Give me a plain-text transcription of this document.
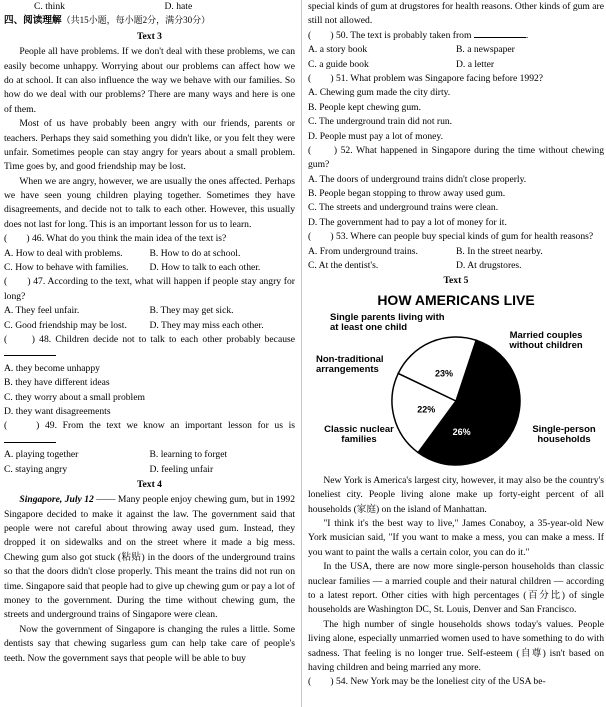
C. think	D. hate

四、阅读理解（共15小题，每小题2分，满分30分）

Text 3

People all have problems. If we don't deal with these problems, we can easily become unhappy. Worrying about our problems can affect how we do at school. It can also influence the way we behave with our families. So how do we deal with our problems? There are many ways and here is one of them.

Most of us have probably been angry with our friends, parents or teachers. Perhaps they said something you didn't like, or you felt they were unfair. Sometimes people can stay angry for years about a small problem. Time goes by, and good friendship may be lost.

When we are angry, however, we are usually the ones affected. Perhaps we have seen young children playing together. Sometimes they have disagreements, and decide not to talk to each other. However, this usually does not last for long. This is an important lesson for us to learn.

(　　) 46. What do you think the main idea of the text is?

A. How to deal with problems.	B. How to do at school.
C. How to behave with families.	D. How to talk to each other.

(　　) 47. According to the text, what will happen if people stay angry for long?

A. They feel unfair.	B. They may get sick.
C. Good friendship may be lost.	D. They may miss each other.

(　　) 48. Children decide not to talk to each other probably because

A. they become unhappy

B. they have different ideas

C. they worry about a small problem

D. they want disagreements

(　　) 49. From the text we know an important lesson for us is

A. playing together	B. learning to forget
C. staying angry	D. feeling unfair

Text 4

Singapore, July 12 —— Many people enjoy chewing gum, but in 1992 Singapore decided to make it against the law. The government said that people were not careful about throwing away used gum. Instead, they dropped it on sidewalks and on the street where it made a big mess. Chewing gum also got stuck (粘贴) in the doors of the underground trains so that the doors didn't close properly. This meant the trains did not run on time. Singapore said that people had to give up chewing gum or pay a lot of money to the government. During the time without chewing gum, the streets and underground trains of Singapore were clean.

Now the government of Singapore is changing the rules a little. Some dentists say that chewing sugarless gum can help take care of people's teeth. Now the government says that people will be able to buy

special kinds of gum at drugstores for health reasons. Other kinds of gum are still not allowed.

(　　) 50. The text is probably taken from	.

A. a story book	B. a newspaper
C. a guide book	D. a letter

(　　) 51. What problem was Singapore facing before 1992?

A. Chewing gum made the city dirty.

B. People kept chewing gum.

C. The underground train did not run.

D. People must pay a lot of money.

(　　) 52. What happened in Singapore during the time without chewing gum?

A. The doors of underground trains didn't close properly.

B. People began stopping to throw away used gum.

C. The streets and underground trains were clean.

D. The government had to pay a lot of money for it.

(　　) 53. Where can people buy special kinds of gum for health reasons?

A. From underground trains.	B. In the street nearby.
C. At the dentist's.	D. At drugstores.

Text 5

HOW AMERICANS LIVE

26%
22%
23%
Single parents living with at least one child
Married couples without children
Non-traditional arrangements
Classic nuclear families
Single-person households

New York is America's largest city, however, it may also be the country's loneliest city. People living alone make up forty-eight percent of all households (家庭) on the island of Manhattan.

"I think it's the best way to live," James Conaboy, a 35-year-old New York musician said, "If you want to make a mess, you can make a mess. If you want to paint the walls a certain color, you can do it."

In the USA, there are now more single-person households than classic nuclear families — a married couple and their natural children — according to a latest report. Other cities with high percentages (百分比) of single households are Washington DC, St. Louis, Denver and San Francisco.

The high number of single households shows today's values. People living alone, especially unmarried women used to have something to do with sadness. That feeling is no longer true. Self-esteem (自尊) isn't based on having children and being married any more.

(　　) 54. New York may be the loneliest city of the USA be-
